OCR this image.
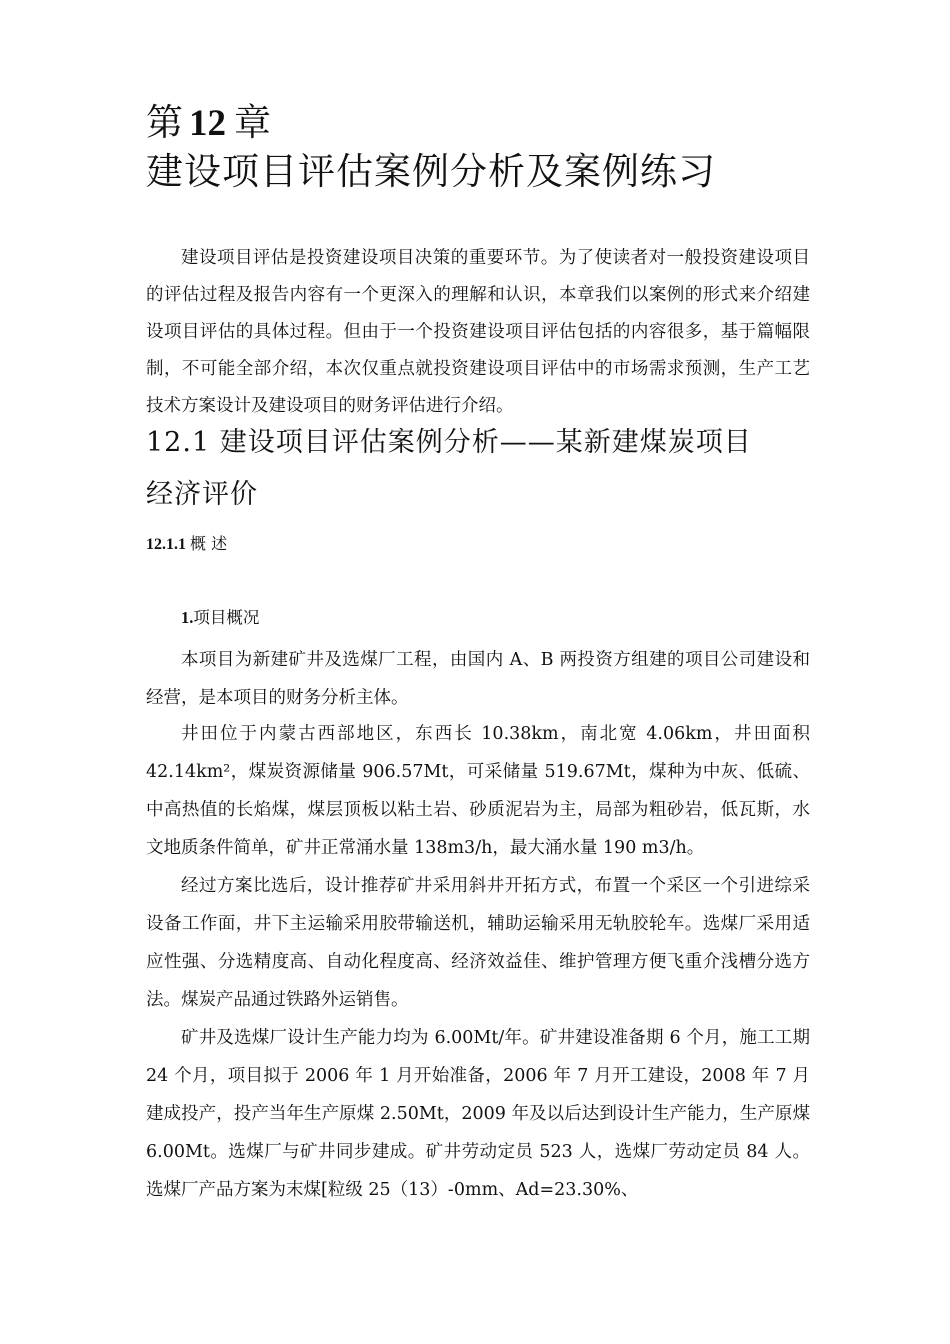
第 12 章
建设项目评估案例分析及案例练习

建设项目评估是投资建设项目决策的重要环节。为了使读者对一般投资建设项目的评估过程及报告内容有一个更深入的理解和认识，本章我们以案例的形式来介绍建设项目评估的具体过程。但由于一个投资建设项目评估包括的内容很多，基于篇幅限制，不可能全部介绍，本次仅重点就投资建设项目评估中的市场需求预测，生产工艺技术方案设计及建设项目的财务评估进行介绍。

12.1 建设项目评估案例分析——某新建煤炭项目经济评价
12.1.1 概 述
1.项目概况

本项目为新建矿井及选煤厂工程，由国内 A、B 两投资方组建的项目公司建设和经营，是本项目的财务分析主体。

井田位于内蒙古西部地区，东西长 10.38km，南北宽 4.06km，井田面积 42.14km²，煤炭资源储量 906.57Mt，可采储量 519.67Mt，煤种为中灰、低硫、中高热值的长焰煤，煤层顶板以粘土岩、砂质泥岩为主，局部为粗砂岩，低瓦斯，水文地质条件简单，矿井正常涌水量 138m3/h，最大涌水量 190 m3/h。

经过方案比选后，设计推荐矿井采用斜井开拓方式，布置一个采区一个引进综采设备工作面，井下主运输采用胶带输送机，辅助运输采用无轨胶轮车。选煤厂采用适应性强、分选精度高、自动化程度高、经济效益佳、维护管理方便飞重介浅槽分选方法。煤炭产品通过铁路外运销售。

矿井及选煤厂设计生产能力均为 6.00Mt/年。矿井建设准备期 6 个月，施工工期 24 个月，项目拟于 2006 年 1 月开始准备，2006 年 7 月开工建设，2008 年 7 月建成投产，投产当年生产原煤 2.50Mt，2009 年及以后达到设计生产能力，生产原煤 6.00Mt。选煤厂与矿井同步建成。矿井劳动定员 523 人，选煤厂劳动定员 84 人。选煤厂产品方案为末煤[粒级 25（13）-0mm、Ad=23.30%、
